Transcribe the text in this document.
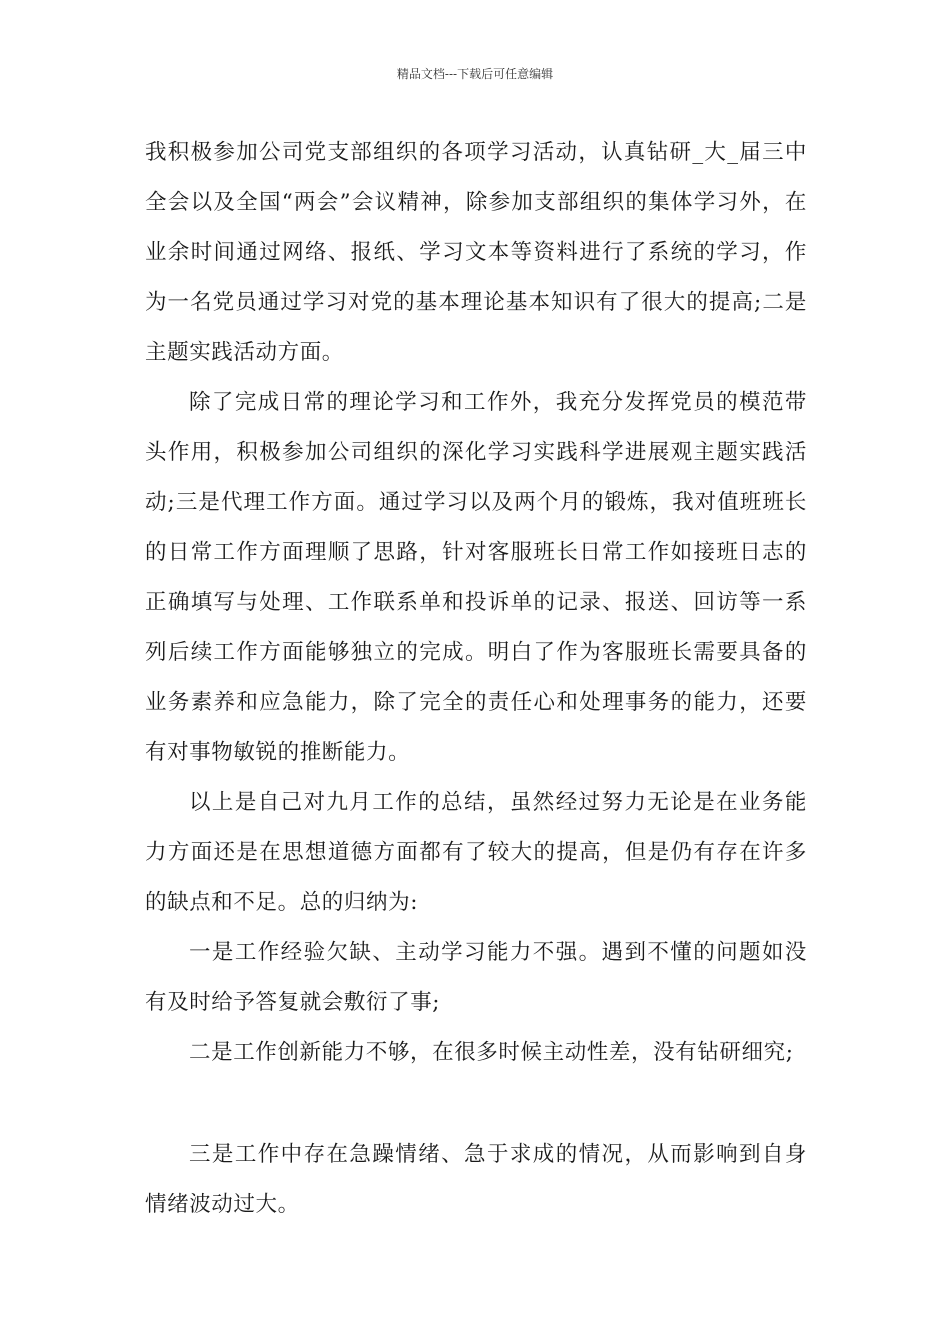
精品文档---下载后可任意编辑

我积极参加公司党支部组织的各项学习活动，认真钻研_大_届三中全会以及全国“两会”会议精神，除参加支部组织的集体学习外，在业余时间通过网络、报纸、学习文本等资料进行了系统的学习，作为一名党员通过学习对党的基本理论基本知识有了很大的提高;二是主题实践活动方面。

除了完成日常的理论学习和工作外，我充分发挥党员的模范带头作用，积极参加公司组织的深化学习实践科学进展观主题实践活动;三是代理工作方面。通过学习以及两个月的锻炼，我对值班班长的日常工作方面理顺了思路，针对客服班长日常工作如接班日志的正确填写与处理、工作联系单和投诉单的记录、报送、回访等一系列后续工作方面能够独立的完成。明白了作为客服班长需要具备的业务素养和应急能力，除了完全的责任心和处理事务的能力，还要有对事物敏锐的推断能力。

以上是自己对九月工作的总结，虽然经过努力无论是在业务能力方面还是在思想道德方面都有了较大的提高，但是仍有存在许多的缺点和不足。总的归纳为:

一是工作经验欠缺、主动学习能力不强。遇到不懂的问题如没有及时给予答复就会敷衍了事;

二是工作创新能力不够，在很多时候主动性差，没有钻研细究;

三是工作中存在急躁情绪、急于求成的情况，从而影响到自身情绪波动过大。
